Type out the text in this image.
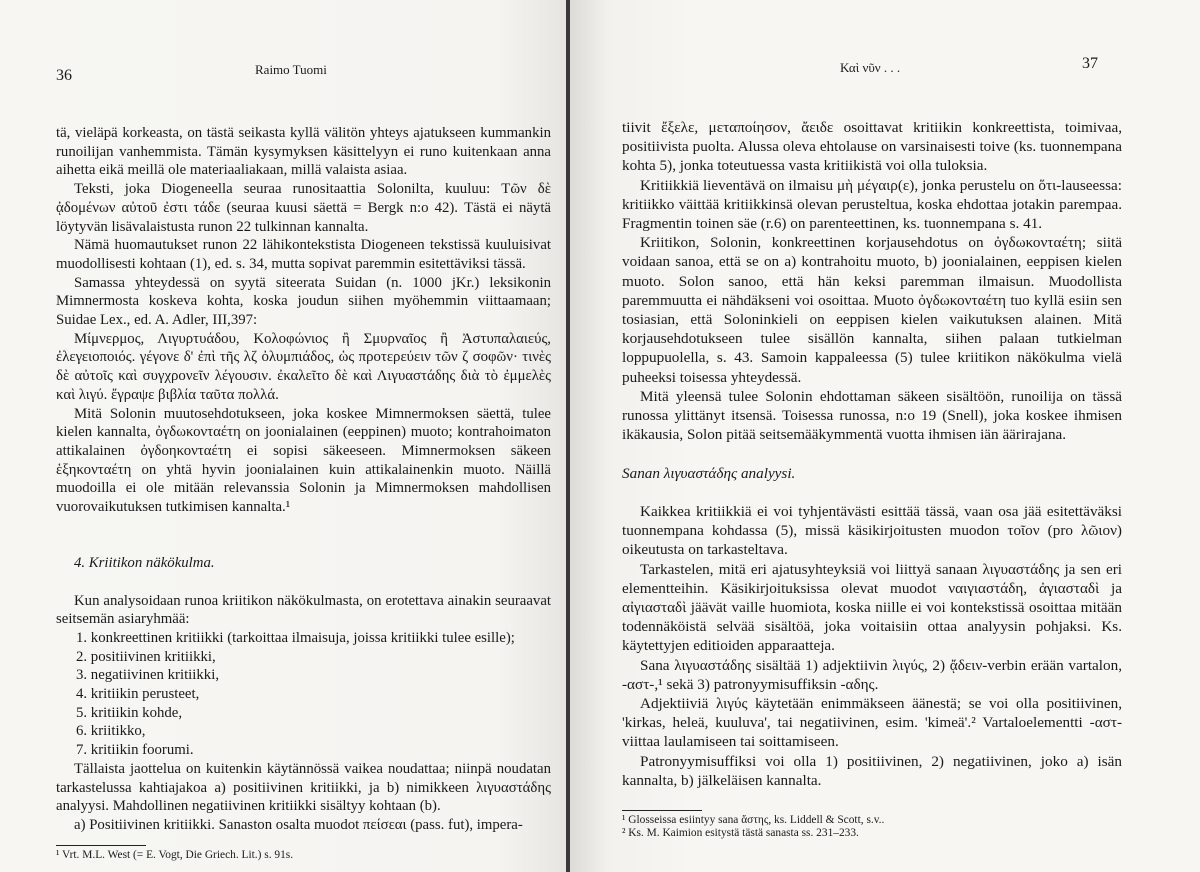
36	Raimo Tuomi

tä, vieläpä korkeasta, on tästä seikasta kyllä välitön yhteys ajatukseen kummankin runoilijan vanhemmista. Tämän kysymyksen käsittelyyn ei runo kuitenkaan anna aihetta eikä meillä ole materiaaliakaan, millä valaista asiaa.

Teksti, joka Diogeneella seuraa runositaattia Solonilta, kuuluu: Τῶν δὲ ᾀδομένων αὐτοῦ ἐστι τάδε (seuraa kuusi säettä = Bergk n:o 42). Tästä ei näytä löytyvän lisävalaistusta runon 22 tulkinnan kannalta.

Nämä huomautukset runon 22 lähikontekstista Diogeneen tekstissä kuuluisivat muodollisesti kohtaan (1), ed. s. 34, mutta sopivat paremmin esitettäviksi tässä.

Samassa yhteydessä on syytä siteerata Suidan (n. 1000 jKr.) leksikonin Mimnermosta koskeva kohta, koska joudun siihen myöhemmin viittaamaan; Suidae Lex., ed. A. Adler, III,397:

Μίμνερμος, Λιγυρτυάδου, Κολοφώνιος ἢ Σμυρναῖος ἢ Ἀστυπαλαιεύς, ἐλεγειοποιός. γέγονε δ' ἐπὶ τῆς λζ ὀλυμπιάδος, ὡς προτερεύειν τῶν ζ σοφῶν· τινὲς δὲ αὐτοῖς καὶ συγχρονεῖν λέγουσιν. ἐκαλεῖτο δὲ καὶ Λιγυαστάδης διὰ τὸ ἐμμελὲς καὶ λιγύ. ἔγραψε βιβλία ταῦτα πολλά.

Mitä Solonin muutosehdotukseen, joka koskee Mimnermoksen säettä, tulee kielen kannalta, ὀγδωκονταέτη on joonialainen (eeppinen) muoto; kontrahoimaton attikalainen ὀγδοηκονταέτη ei sopisi säkeeseen. Mimnermoksen säkeen ἑξηκονταέτη on yhtä hyvin joonialainen kuin attikalainenkin muoto. Näillä muodoilla ei ole mitään relevanssia Solonin ja Mimnermoksen mahdollisen vuorovaikutuksen tutkimisen kannalta.¹

4. Kriitikon näkökulma.

Kun analysoidaan runoa kriitikon näkökulmasta, on erotettava ainakin seuraavat seitsemän asiaryhmää:

1. konkreettinen kritiikki (tarkoittaa ilmaisuja, joissa kritiikki tulee esille);
2. positiivinen kritiikki,
3. negatiivinen kritiikki,
4. kritiikin perusteet,
5. kritiikin kohde,
6. kriitikko,
7. kritiikin foorumi.

Tällaista jaottelua on kuitenkin käytännössä vaikea noudattaa; niinpä noudatan tarkastelussa kahtiajakoa a) positiivinen kritiikki, ja b) nimikkeen λιγυαστάδης analyysi. Mahdollinen negatiivinen kritiikki sisältyy kohtaan (b).

a) Positiivinen kritiikki. Sanaston osalta muodot πείσεαι (pass. fut), impera-

¹ Vrt. M.L. West (= E. Vogt, Die Griech. Lit.) s. 91s.
Καὶ νῦν . . .	37

tiivit ἔξελε, μεταποίησον, ἄειδε osoittavat kritiikin konkreettista, toimivaa, positiivista puolta. Alussa oleva ehtolause on varsinaisesti toive (ks. tuonnempana kohta 5), jonka toteutuessa vasta kritiikistä voi olla tuloksia.

Kritiikkiä lieventävä on ilmaisu μὴ μέγαιρ(ε), jonka perustelu on ὅτι-lauseessa: kritiikko väittää kritiikkinsä olevan perusteltua, koska ehdottaa jotakin parempaa. Fragmentin toinen säe (r.6) on parenteettinen, ks. tuonnempana s. 41.

Kriitikon, Solonin, konkreettinen korjausehdotus on ὀγδωκονταέτη; siitä voidaan sanoa, että se on a) kontrahoitu muoto, b) joonialainen, eeppisen kielen muoto. Solon sanoo, että hän keksi paremman ilmaisun. Muodollista paremmuutta ei nähdäkseni voi osoittaa. Muoto ὀγδωκονταέτη tuo kyllä esiin sen tosiasian, että Soloninkieli on eeppisen kielen vaikutuksen alainen. Mitä korjausehdotukseen tulee sisällön kannalta, siihen palaan tutkielman loppupuolella, s. 43. Samoin kappaleessa (5) tulee kriitikon näkökulma vielä puheeksi toisessa yhteydessä.

Mitä yleensä tulee Solonin ehdottaman säkeen sisältöön, runoilija on tässä runossa ylittänyt itsensä. Toisessa runossa, n:o 19 (Snell), joka koskee ihmisen ikäkausia, Solon pitää seitsemääkymmentä vuotta ihmisen iän äärirajana.

Sanan λιγυαστάδης analyysi.

Kaikkea kritiikkiä ei voi tyhjentävästi esittää tässä, vaan osa jää esitettäväksi tuonnempana kohdassa (5), missä käsikirjoitusten muodon τοῖον (pro λῶιον) oikeutusta on tarkasteltava.

Tarkastelen, mitä eri ajatusyhteyksiä voi liittyä sanaan λιγυαστάδης ja sen eri elementteihin. Käsikirjoituksissa olevat muodot ναιγιαστάδη, ἀγιασταδὶ ja αἰγιασταδὶ jäävät vaille huomiota, koska niille ei voi kontekstissä osoittaa mitään todennäköistä selvää sisältöä, joka voitaisiin ottaa analyysin pohjaksi. Ks. käytettyjen editioiden apparaatteja.

Sana λιγυαστάδης sisältää 1) adjektiivin λιγύς, 2) ᾄδειν-verbin erään vartalon, -αστ-,¹ sekä 3) patronyymisuffiksin -αδης.

Adjektiiviä λιγύς käytetään enimmäkseen äänestä; se voi olla positiivinen, 'kirkas, heleä, kuuluva', tai negatiivinen, esim. 'kimeä'.² Vartaloelementti -αστ- viittaa laulamiseen tai soittamiseen.

Patronyymisuffiksi voi olla 1) positiivinen, 2) negatiivinen, joko a) isän kannalta, b) jälkeläisen kannalta.

¹ Glosseissa esiintyy sana ἄστης, ks. Liddell & Scott, s.v..
² Ks. M. Kaimion esitystä tästä sanasta ss. 231–233.
